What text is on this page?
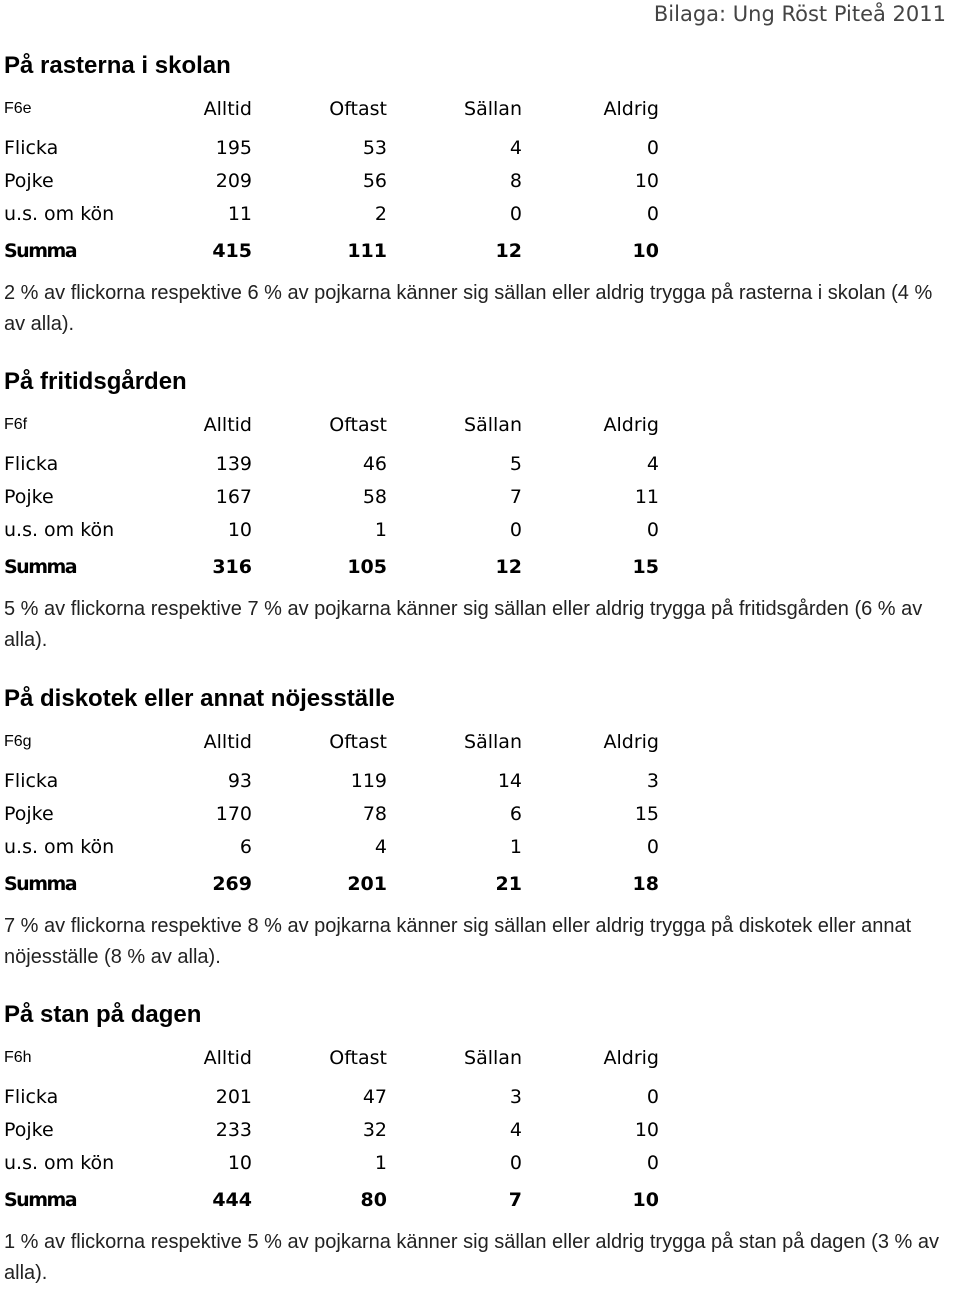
Bilaga: Ung Röst Piteå 2011
På rasterna i skolan
F6e	Alltid	Oftast	Sällan	Aldrig
Flicka	195	53	4	0
Pojke	209	56	8	10
u.s. om kön	11	2	0	0
Summa	415	111	12	10
2 % av flickorna respektive 6 % av pojkarna känner sig sällan eller aldrig trygga på rasterna i skolan (4 % av alla).
På fritidsgården
F6f	Alltid	Oftast	Sällan	Aldrig
Flicka	139	46	5	4
Pojke	167	58	7	11
u.s. om kön	10	1	0	0
Summa	316	105	12	15
5 % av flickorna respektive 7 % av pojkarna känner sig sällan eller aldrig trygga på fritidsgården (6 % av alla).
På diskotek eller annat nöjesställe
F6g	Alltid	Oftast	Sällan	Aldrig
Flicka	93	119	14	3
Pojke	170	78	6	15
u.s. om kön	6	4	1	0
Summa	269	201	21	18
7 % av flickorna respektive 8 % av pojkarna känner sig sällan eller aldrig trygga på diskotek eller annat nöjesställe (8 % av alla).
På stan på dagen
F6h	Alltid	Oftast	Sällan	Aldrig
Flicka	201	47	3	0
Pojke	233	32	4	10
u.s. om kön	10	1	0	0
Summa	444	80	7	10
1 % av flickorna respektive 5 % av pojkarna känner sig sällan eller aldrig trygga på stan på dagen (3 % av alla).
